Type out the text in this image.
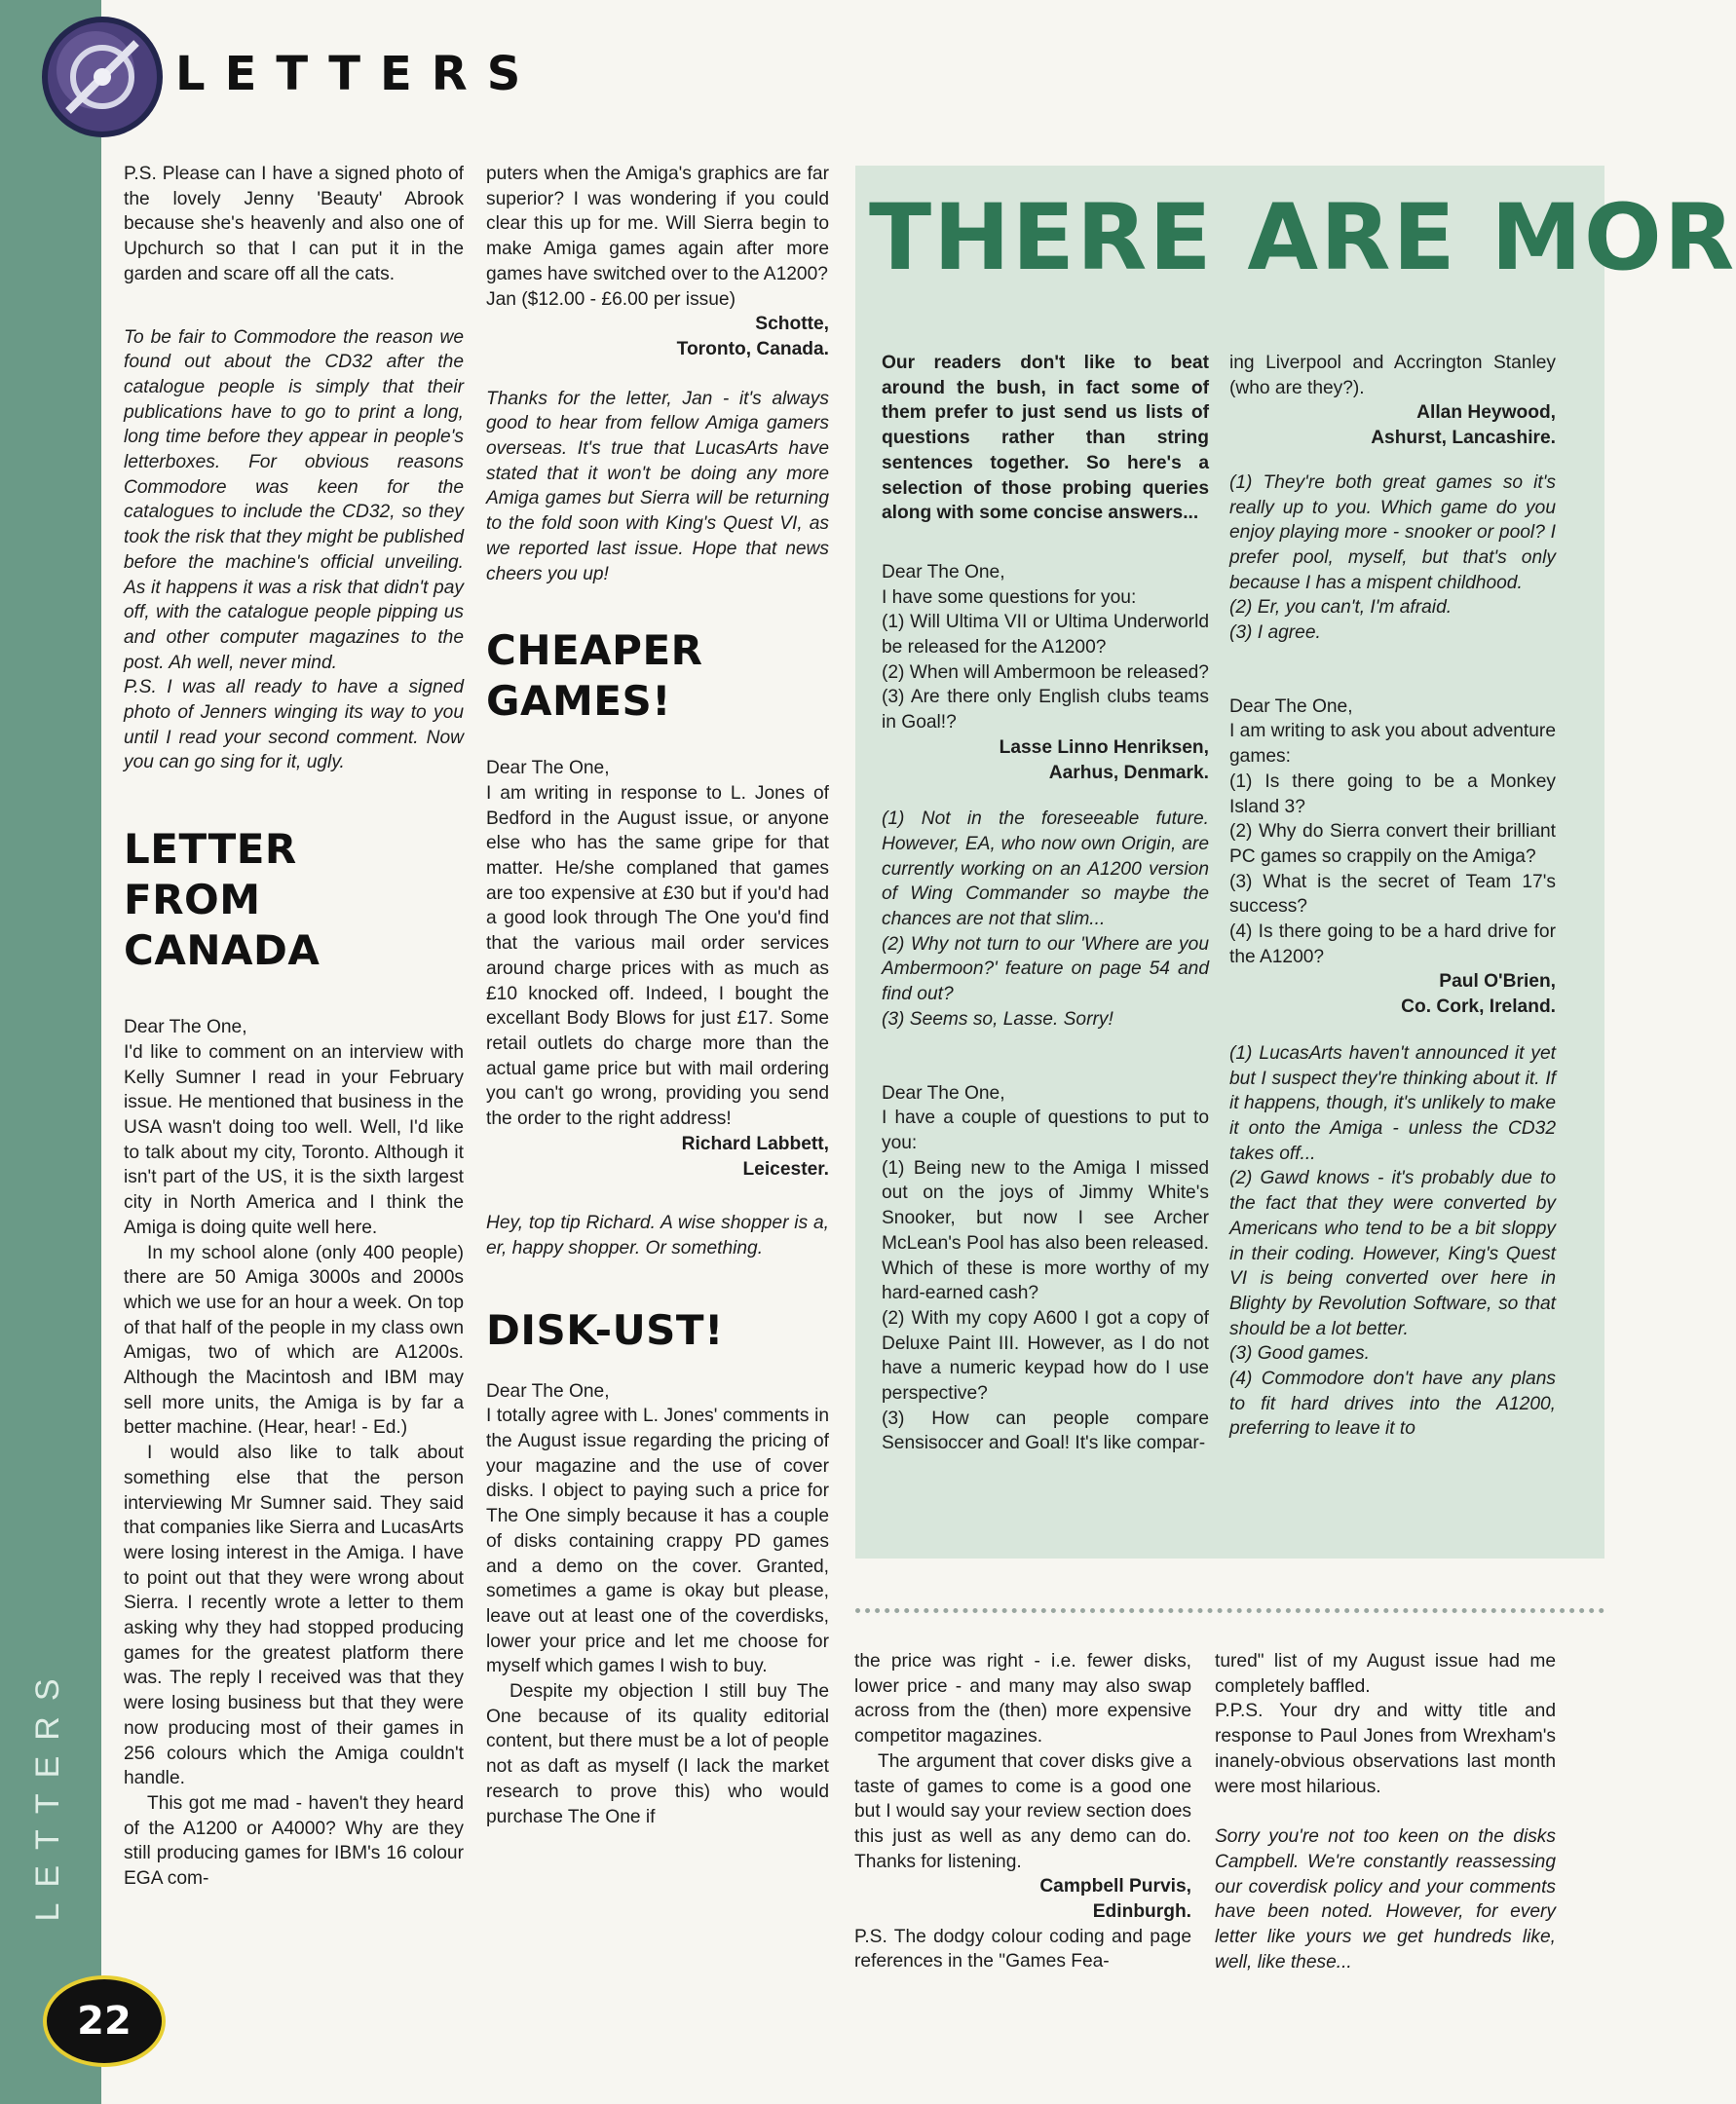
LETTERS
LETTERS
THERE ARE MOR

P.S. Please can I have a signed photo of the lovely Jenny 'Beauty' Abrook because she's heavenly and also one of Upchurch so that I can put it in the garden and scare off all the cats.

To be fair to Commodore the reason we found out about the CD32 after the catalogue people is simply that their publications have to go to print a long, long time before they appear in people's letterboxes. For obvious reasons Commodore was keen for the catalogues to include the CD32, so they took the risk that they might be published before the machine's official unveiling. As it happens it was a risk that didn't pay off, with the catalogue people pipping us and other computer magazines to the post. Ah well, never mind.

P.S. I was all ready to have a signed photo of Jenners winging its way to you until I read your second comment. Now you can go sing for it, ugly.

LETTER
FROM
CANADA

Dear The One,

I'd like to comment on an interview with Kelly Sumner I read in your February issue. He mentioned that business in the USA wasn't doing too well. Well, I'd like to talk about my city, Toronto. Although it isn't part of the US, it is the sixth largest city in North America and I think the Amiga is doing quite well here.

In my school alone (only 400 people) there are 50 Amiga 3000s and 2000s which we use for an hour a week. On top of that half of the people in my class own Amigas, two of which are A1200s. Although the Macintosh and IBM may sell more units, the Amiga is by far a better machine. (Hear, hear! - Ed.)

I would also like to talk about something else that the person interviewing Mr Sumner said. They said that companies like Sierra and LucasArts were losing interest in the Amiga. I have to point out that they were wrong about Sierra. I recently wrote a letter to them asking why they had stopped producing games for the greatest platform there was. The reply I received was that they were losing business but that they were now producing most of their games in 256 colours which the Amiga couldn't handle.

This got me mad - haven't they heard of the A1200 or A4000? Why are they still producing games for IBM's 16 colour EGA com-

puters when the Amiga's graphics are far superior? I was wondering if you could clear this up for me. Will Sierra begin to make Amiga games again after more games have switched over to the A1200?

Jan ($12.00 - £6.00 per issue)

Schotte,

Toronto, Canada.

Thanks for the letter, Jan - it's always good to hear from fellow Amiga gamers overseas. It's true that LucasArts have stated that it won't be doing any more Amiga games but Sierra will be returning to the fold soon with King's Quest VI, as we reported last issue. Hope that news cheers you up!

CHEAPER
GAMES!

Dear The One,

I am writing in response to L. Jones of Bedford in the August issue, or anyone else who has the same gripe for that matter. He/she complaned that games are too expensive at £30 but if you'd had a good look through The One you'd find that the various mail order services around charge prices with as much as £10 knocked off. Indeed, I bought the excellant Body Blows for just £17. Some retail outlets do charge more than the actual game price but with mail ordering you can't go wrong, providing you send the order to the right address!

Richard Labbett,

Leicester.

Hey, top tip Richard. A wise shopper is a, er, happy shopper. Or something.

DISK-UST!

Dear The One,

I totally agree with L. Jones' comments in the August issue regarding the pricing of your magazine and the use of cover disks. I object to paying such a price for The One simply because it has a couple of disks containing crappy PD games and a demo on the cover. Granted, sometimes a game is okay but please, leave out at least one of the coverdisks, lower your price and let me choose for myself which games I wish to buy.

Despite my objection I still buy The One because of its quality editorial content, but there must be a lot of people not as daft as myself (I lack the market research to prove this) who would purchase The One if

Our readers don't like to beat around the bush, in fact some of them prefer to just send us lists of questions rather than string sentences together. So here's a selection of those probing queries along with some concise answers...

Dear The One,

I have some questions for you:

(1) Will Ultima VII or Ultima Underworld be released for the A1200?

(2) When will Ambermoon be released?

(3) Are there only English clubs teams in Goal!?

Lasse Linno Henriksen,

Aarhus, Denmark.

(1) Not in the foreseeable future. However, EA, who now own Origin, are currently working on an A1200 version of Wing Commander so maybe the chances are not that slim...

(2) Why not turn to our 'Where are you Ambermoon?' feature on page 54 and find out?

(3) Seems so, Lasse. Sorry!

Dear The One,

I have a couple of questions to put to you:

(1) Being new to the Amiga I missed out on the joys of Jimmy White's Snooker, but now I see Archer McLean's Pool has also been released. Which of these is more worthy of my hard-earned cash?

(2) With my copy A600 I got a copy of Deluxe Paint III. However, as I do not have a numeric keypad how do I use perspective?

(3) How can people compare Sensisoccer and Goal! It's like compar-

ing Liverpool and Accrington Stanley (who are they?).

Allan Heywood,

Ashurst, Lancashire.

(1) They're both great games so it's really up to you. Which game do you enjoy playing more - snooker or pool? I prefer pool, myself, but that's only because I has a mispent childhood.

(2) Er, you can't, I'm afraid.

(3) I agree.

Dear The One,

I am writing to ask you about adventure games:

(1) Is there going to be a Monkey Island 3?

(2) Why do Sierra convert their brilliant PC games so crappily on the Amiga?

(3) What is the secret of Team 17's success?

(4) Is there going to be a hard drive for the A1200?

Paul O'Brien,

Co. Cork, Ireland.

(1) LucasArts haven't announced it yet but I suspect they're thinking about it. If it happens, though, it's unlikely to make it onto the Amiga - unless the CD32 takes off...

(2) Gawd knows - it's probably due to the fact that they were converted by Americans who tend to be a bit sloppy in their coding. However, King's Quest VI is being converted over here in Blighty by Revolution Software, so that should be a lot better.

(3) Good games.

(4) Commodore don't have any plans to fit hard drives into the A1200, preferring to leave it to

the price was right - i.e. fewer disks, lower price - and many may also swap across from the (then) more expensive competitor magazines.

The argument that cover disks give a taste of games to come is a good one but I would say your review section does this just as well as any demo can do. Thanks for listening.

Campbell Purvis,

Edinburgh.

P.S. The dodgy colour coding and page references in the "Games Fea-

tured" list of my August issue had me completely baffled.

P.P.S. Your dry and witty title and response to Paul Jones from Wrexham's inanely-obvious observations last month were most hilarious.

Sorry you're not too keen on the disks Campbell. We're constantly reassessing our coverdisk policy and your comments have been noted. However, for every letter like yours we get hundreds like, well, like these...

22
